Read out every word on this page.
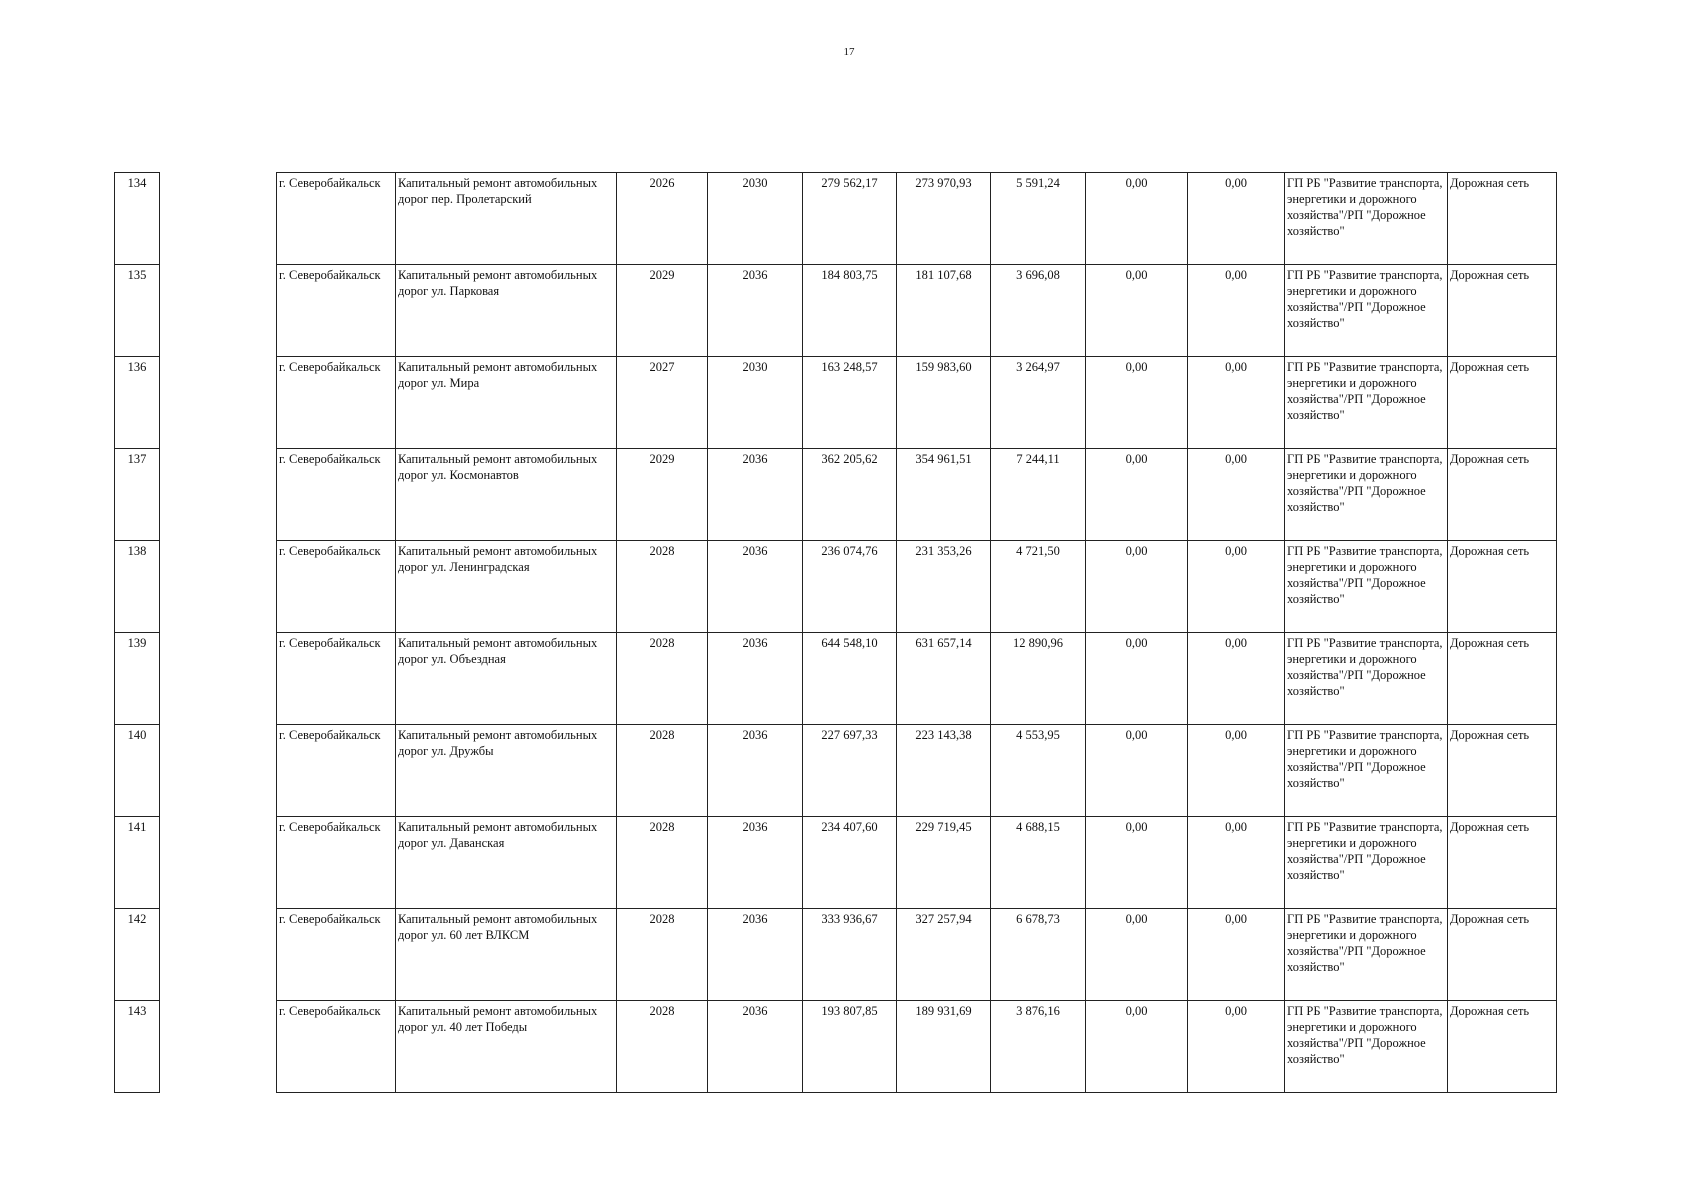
17
134		г. Северобайкальск	Капитальный ремонт автомобильных дорог пер. Пролетарский	2026	2030	279 562,17	273 970,93	5 591,24	0,00	0,00	ГП РБ "Развитие транспорта, энергетики и дорожного хозяйства"/РП "Дорожное хозяйство"	Дорожная сеть
135		г. Северобайкальск	Капитальный ремонт автомобильных дорог ул. Парковая	2029	2036	184 803,75	181 107,68	3 696,08	0,00	0,00	ГП РБ "Развитие транспорта, энергетики и дорожного хозяйства"/РП "Дорожное хозяйство"	Дорожная сеть
136		г. Северобайкальск	Капитальный ремонт автомобильных дорог ул. Мира	2027	2030	163 248,57	159 983,60	3 264,97	0,00	0,00	ГП РБ "Развитие транспорта, энергетики и дорожного хозяйства"/РП "Дорожное хозяйство"	Дорожная сеть
137		г. Северобайкальск	Капитальный ремонт автомобильных дорог ул. Космонавтов	2029	2036	362 205,62	354 961,51	7 244,11	0,00	0,00	ГП РБ "Развитие транспорта, энергетики и дорожного хозяйства"/РП "Дорожное хозяйство"	Дорожная сеть
138		г. Северобайкальск	Капитальный ремонт автомобильных дорог ул. Ленинградская	2028	2036	236 074,76	231 353,26	4 721,50	0,00	0,00	ГП РБ "Развитие транспорта, энергетики и дорожного хозяйства"/РП "Дорожное хозяйство"	Дорожная сеть
139		г. Северобайкальск	Капитальный ремонт автомобильных дорог ул. Объездная	2028	2036	644 548,10	631 657,14	12 890,96	0,00	0,00	ГП РБ "Развитие транспорта, энергетики и дорожного хозяйства"/РП "Дорожное хозяйство"	Дорожная сеть
140		г. Северобайкальск	Капитальный ремонт автомобильных дорог ул. Дружбы	2028	2036	227 697,33	223 143,38	4 553,95	0,00	0,00	ГП РБ "Развитие транспорта, энергетики и дорожного хозяйства"/РП "Дорожное хозяйство"	Дорожная сеть
141		г. Северобайкальск	Капитальный ремонт автомобильных дорог ул. Даванская	2028	2036	234 407,60	229 719,45	4 688,15	0,00	0,00	ГП РБ "Развитие транспорта, энергетики и дорожного хозяйства"/РП "Дорожное хозяйство"	Дорожная сеть
142		г. Северобайкальск	Капитальный ремонт автомобильных дорог ул. 60 лет ВЛКСМ	2028	2036	333 936,67	327 257,94	6 678,73	0,00	0,00	ГП РБ "Развитие транспорта, энергетики и дорожного хозяйства"/РП "Дорожное хозяйство"	Дорожная сеть
143		г. Северобайкальск	Капитальный ремонт автомобильных дорог ул. 40 лет Победы	2028	2036	193 807,85	189 931,69	3 876,16	0,00	0,00	ГП РБ "Развитие транспорта, энергетики и дорожного хозяйства"/РП "Дорожное хозяйство"	Дорожная сеть
